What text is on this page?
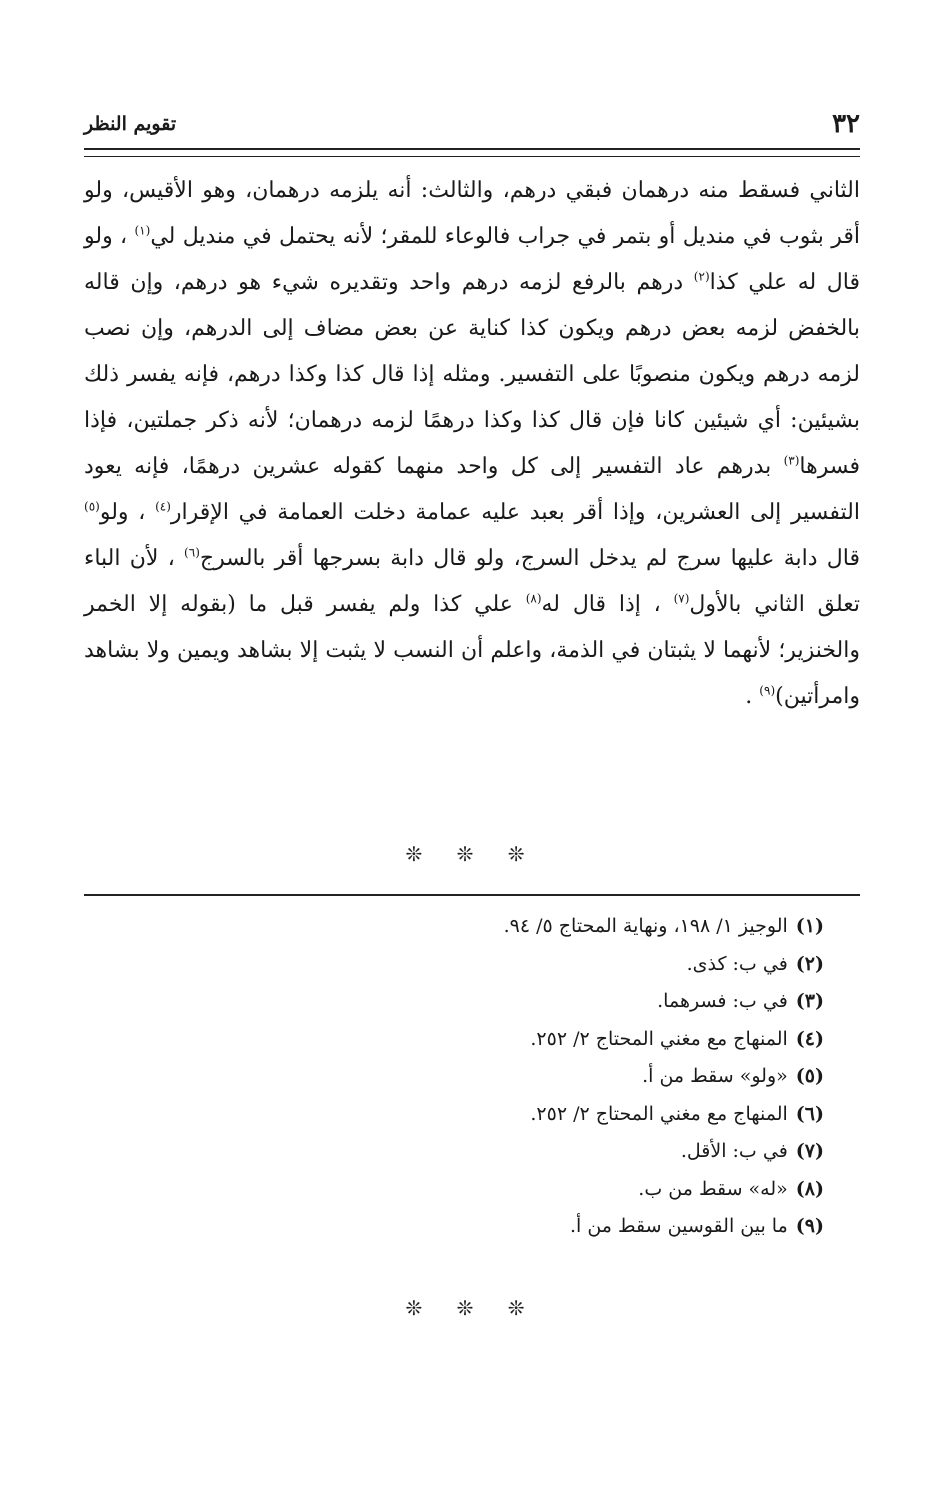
٣٢
تقويم النظر

الثاني فسقط منه درهمان فبقي درهم، والثالث: أنه يلزمه درهمان، وهو الأقيس، ولو أقر بثوب في منديل أو بتمر في جراب فالوعاء للمقر؛ لأنه يحتمل في منديل لي$^{(١)}$ ، ولو قال له علي كذا$^{(٢)}$ درهم بالرفع لزمه درهم واحد وتقديره شيء هو درهم، وإن قاله بالخفض لزمه بعض درهم ويكون كذا كناية عن بعض مضاف إلى الدرهم، وإن نصب لزمه درهم ويكون منصوبًا على التفسير. ومثله إذا قال كذا وكذا درهم، فإنه يفسر ذلك بشيئين: أي شيئين كانا فإن قال كذا وكذا درهمًا لزمه درهمان؛ لأنه ذكر جملتين، فإذا فسرها$^{(٣)}$ بدرهم عاد التفسير إلى كل واحد منهما كقوله عشرين درهمًا، فإنه يعود التفسير إلى العشرين، وإذا أقر بعبد عليه عمامة دخلت العمامة في الإقرار$^{(٤)}$ ، ولو$^{(٥)}$ قال دابة عليها سرج لم يدخل السرج، ولو قال دابة بسرجها أقر بالسرج$^{(٦)}$ ، لأن الباء تعلق الثاني بالأول$^{(٧)}$ ، إذا قال له$^{(٨)}$ علي كذا ولم يفسر قبل ما (بقوله إلا الخمر والخنزير؛ لأنهما لا يثبتان في الذمة، واعلم أن النسب لا يثبت إلا بشاهد ويمين ولا بشاهد وامرأتين)$^{(٩)}$ .

❊ ❊ ❊
(١)الوجيز ١/ ١٩٨، ونهاية المحتاج ٥/ ٩٤.
(٢)في ب: كذى.
(٣)في ب: فسرهما.
(٤)المنهاج مع مغني المحتاج ٢/ ٢٥٢.
(٥)«ولو» سقط من أ.
(٦)المنهاج مع مغني المحتاج ٢/ ٢٥٢.
(٧)في ب: الأقل.
(٨)«له» سقط من ب.
(٩)ما بين القوسين سقط من أ.
❊ ❊ ❊
